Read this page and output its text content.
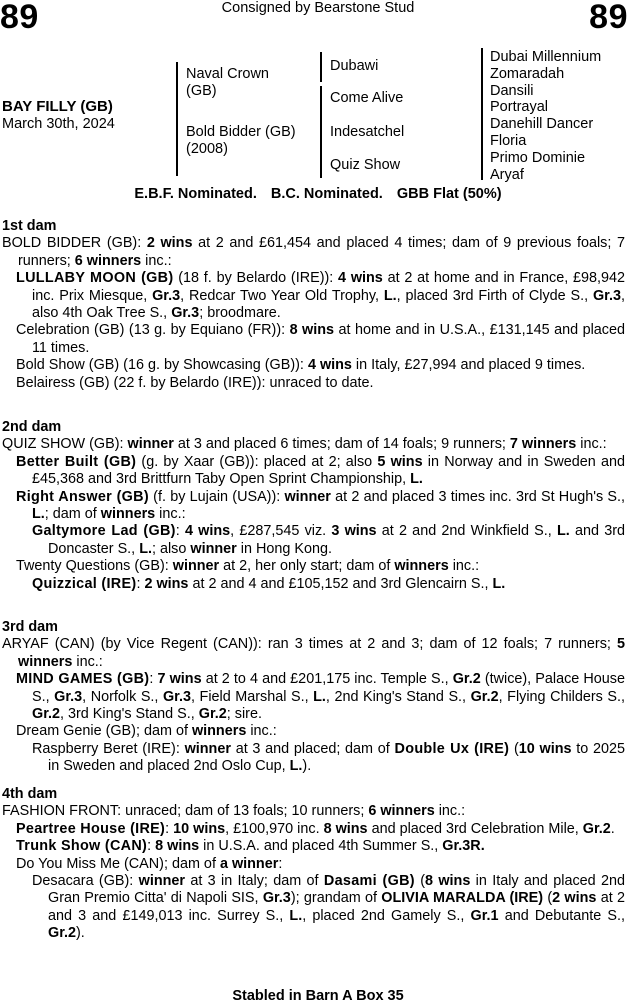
89	Consigned by Bearstone Stud	89
BAY FILLY (GB)
March 30th, 2024
Naval Crown
(GB)
Bold Bidder (GB)
(2008)
Dubawi
Come Alive
Indesatchel
Quiz Show
Dubai Millennium
Zomaradah
Dansili
Portrayal
Danehill Dancer
Floria
Primo Dominie
Aryaf
E.B.F. Nominated. B.C. Nominated. GBB Flat (50%)
1st dam
BOLD BIDDER (GB): 2 wins at 2 and £61,454 and placed 4 times; dam of 9 previous foals; 7 runners; 6 winners inc.:
LULLABY MOON (GB) (18 f. by Belardo (IRE)): 4 wins at 2 at home and in France, £98,942 inc. Prix Miesque, Gr.3, Redcar Two Year Old Trophy, L., placed 3rd Firth of Clyde S., Gr.3, also 4th Oak Tree S., Gr.3; broodmare.
Celebration (GB) (13 g. by Equiano (FR)): 8 wins at home and in U.S.A., £131,145 and placed 11 times.
Bold Show (GB) (16 g. by Showcasing (GB)): 4 wins in Italy, £27,994 and placed 9 times.
Belairess (GB) (22 f. by Belardo (IRE)): unraced to date.
2nd dam
QUIZ SHOW (GB): winner at 3 and placed 6 times; dam of 14 foals; 9 runners; 7 winners inc.:
Better Built (GB) (g. by Xaar (GB)): placed at 2; also 5 wins in Norway and in Sweden and £45,368 and 3rd Brittfurn Taby Open Sprint Championship, L.
Right Answer (GB) (f. by Lujain (USA)): winner at 2 and placed 3 times inc. 3rd St Hugh's S., L.; dam of winners inc.:
Galtymore Lad (GB): 4 wins, £287,545 viz. 3 wins at 2 and 2nd Winkfield S., L. and 3rd Doncaster S., L.; also winner in Hong Kong.
Twenty Questions (GB): winner at 2, her only start; dam of winners inc.:
Quizzical (IRE): 2 wins at 2 and 4 and £105,152 and 3rd Glencairn S., L.
3rd dam
ARYAF (CAN) (by Vice Regent (CAN)): ran 3 times at 2 and 3; dam of 12 foals; 7 runners; 5 winners inc.:
MIND GAMES (GB): 7 wins at 2 to 4 and £201,175 inc. Temple S., Gr.2 (twice), Palace House S., Gr.3, Norfolk S., Gr.3, Field Marshal S., L., 2nd King's Stand S., Gr.2, Flying Childers S., Gr.2, 3rd King's Stand S., Gr.2; sire.
Dream Genie (GB); dam of winners inc.:
Raspberry Beret (IRE): winner at 3 and placed; dam of Double Ux (IRE) (10 wins to 2025 in Sweden and placed 2nd Oslo Cup, L.).
4th dam
FASHION FRONT: unraced; dam of 13 foals; 10 runners; 6 winners inc.:
Peartree House (IRE): 10 wins, £100,970 inc. 8 wins and placed 3rd Celebration Mile, Gr.2.
Trunk Show (CAN): 8 wins in U.S.A. and placed 4th Summer S., Gr.3R.
Do You Miss Me (CAN); dam of a winner:
Desacara (GB): winner at 3 in Italy; dam of Dasami (GB) (8 wins in Italy and placed 2nd Gran Premio Citta' di Napoli SIS, Gr.3); grandam of OLIVIA MARALDA (IRE) (2 wins at 2 and 3 and £149,013 inc. Surrey S., L., placed 2nd Gamely S., Gr.1 and Debutante S., Gr.2).
Stabled in Barn A Box 35
